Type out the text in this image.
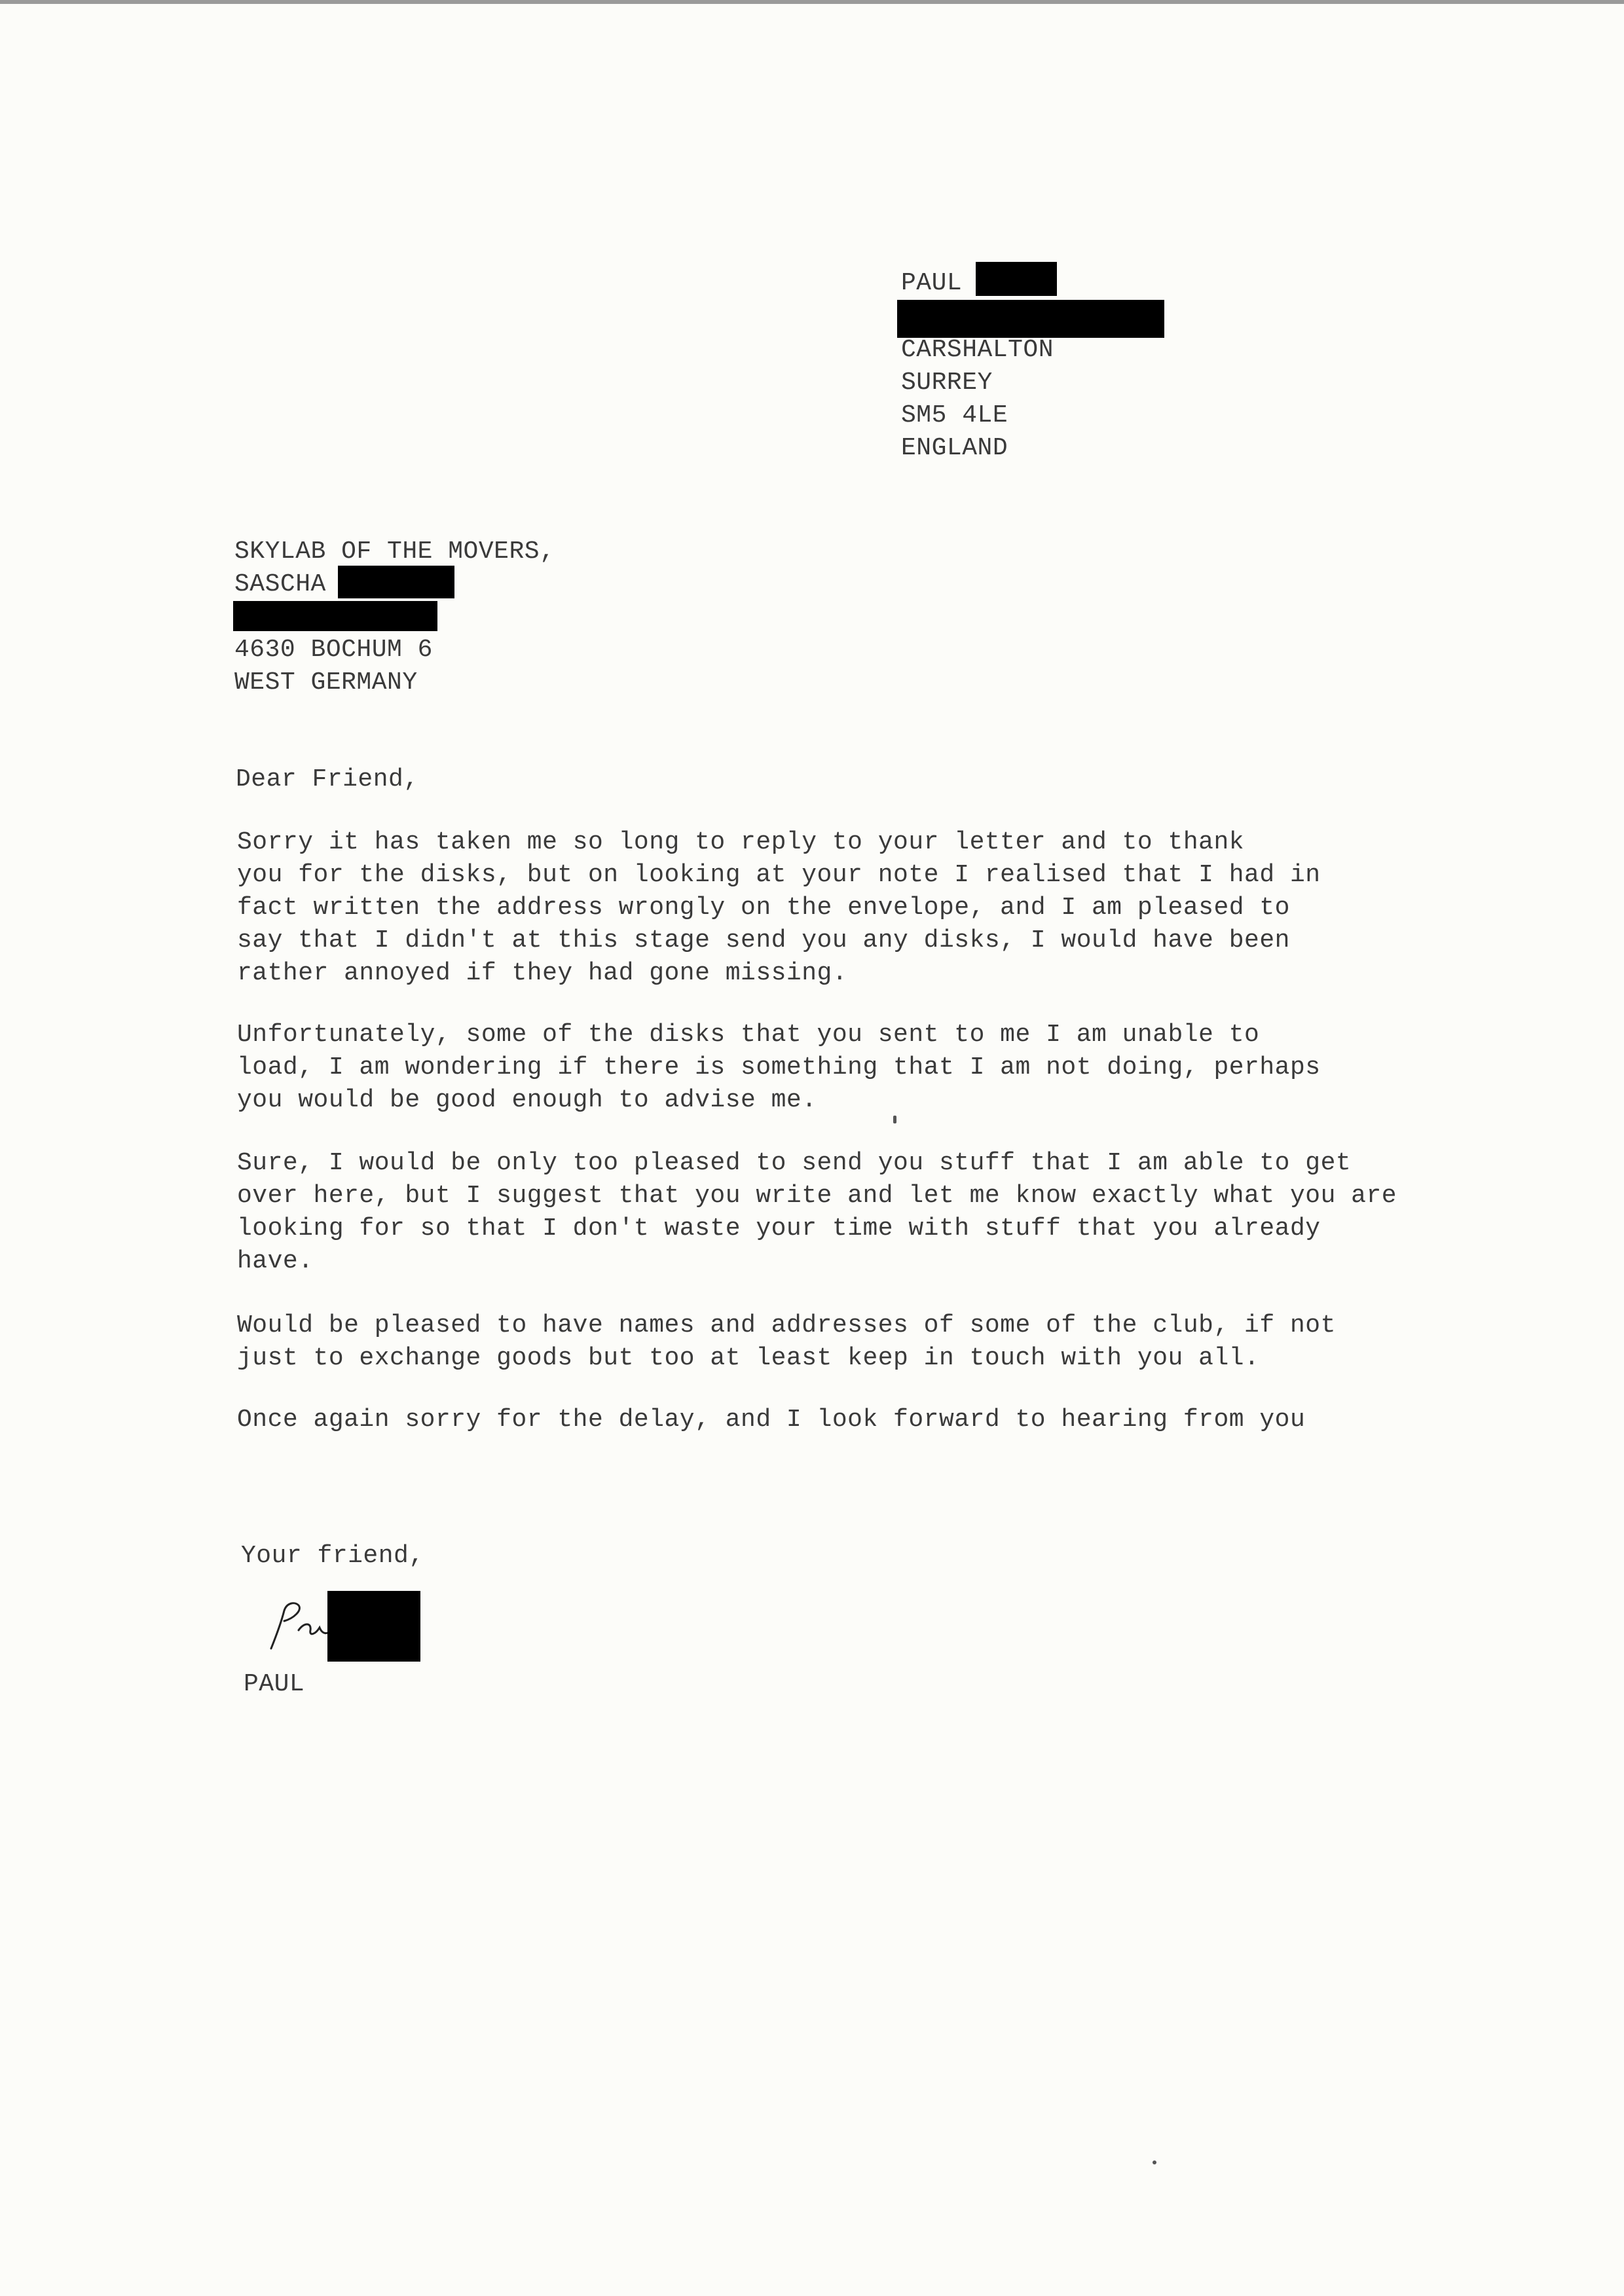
PAUL
CARSHALTON
SURREY
SM5 4LE
ENGLAND
SKYLAB OF THE MOVERS,
SASCHA
4630 BOCHUM 6
WEST GERMANY
Dear Friend,
Sorry it has taken me so long to reply to your letter and to thank
you for the disks, but on looking at your note I realised that I had in
fact written the address wrongly on the envelope, and I am pleased to
say that I didn't at this stage send you any disks, I would have been
rather annoyed if they had gone missing.
Unfortunately, some of the disks that you sent to me I am unable to
load, I am wondering if there is something that I am not doing, perhaps
you would be good enough to advise me.
Sure, I would be only too pleased to send you stuff that I am able to get
over here, but I suggest that you write and let me know exactly what you are
looking for so that I don't waste your time with stuff that you already
have.
Would be pleased to have names and addresses of some of the club, if not
just to exchange goods but too at least keep in touch with you all.
Once again sorry for the delay, and I look forward to hearing from you
Your friend,
PAUL
